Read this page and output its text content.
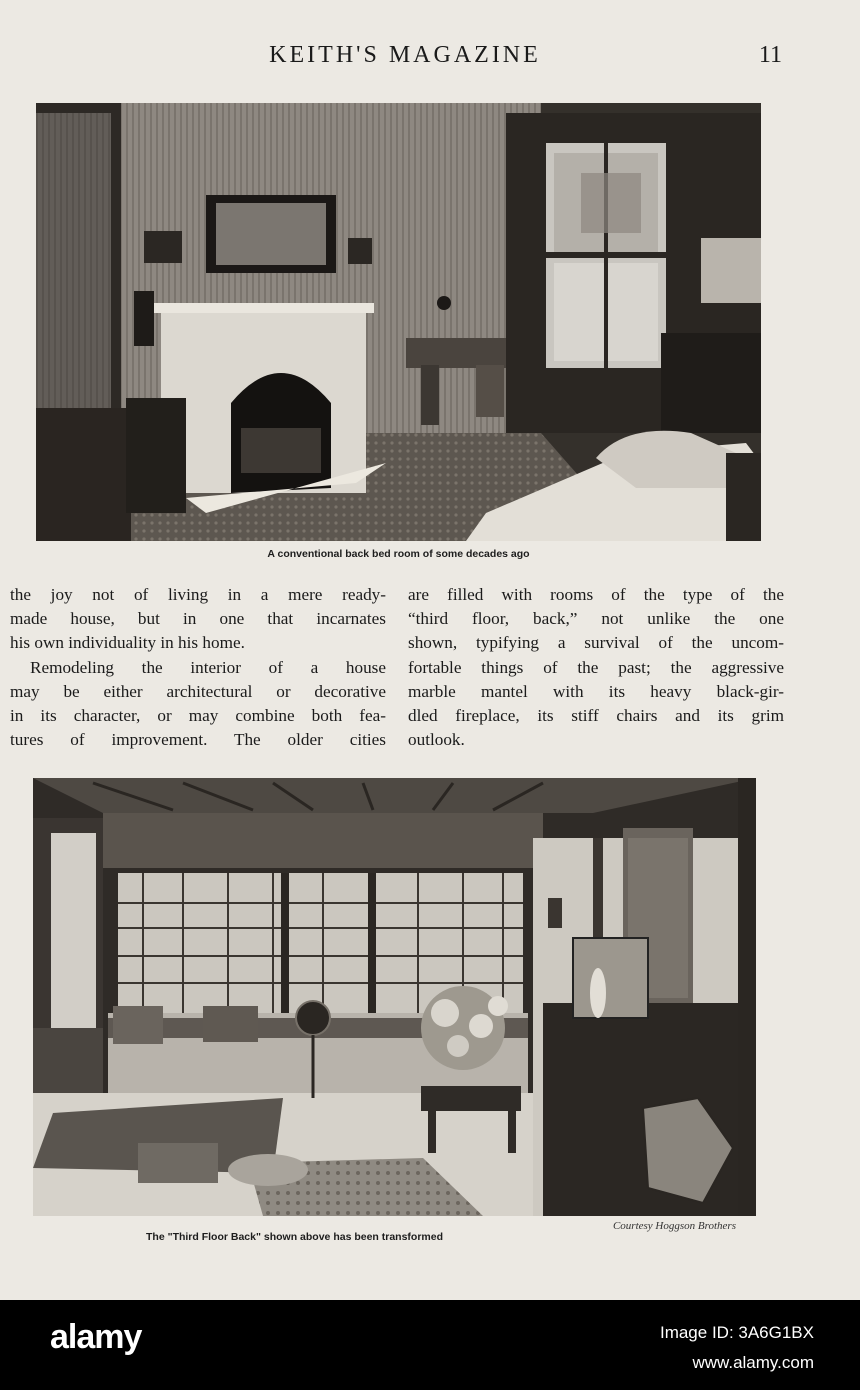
KEITH'S MAGAZINE	11
A conventional back bed room of some decades ago

the joy not of living in a mere ready-
made house, but in one that incarnates
his own individuality in his home.

Remodeling the interior of a house
may be either architectural or decorative
in its character, or may combine both fea-
tures of improvement. The older cities

are filled with rooms of the type of the
“third floor, back,” not unlike the one
shown, typifying a survival of the uncom-
fortable things of the past; the aggressive
marble mantel with its heavy black-gir-
dled fireplace, its stiff chairs and its grim
outlook.

Courtesy Hoggson Brothers
The "Third Floor Back" shown above has been transformed
alamy	Image ID: 3A6G1BX
www.alamy.com
